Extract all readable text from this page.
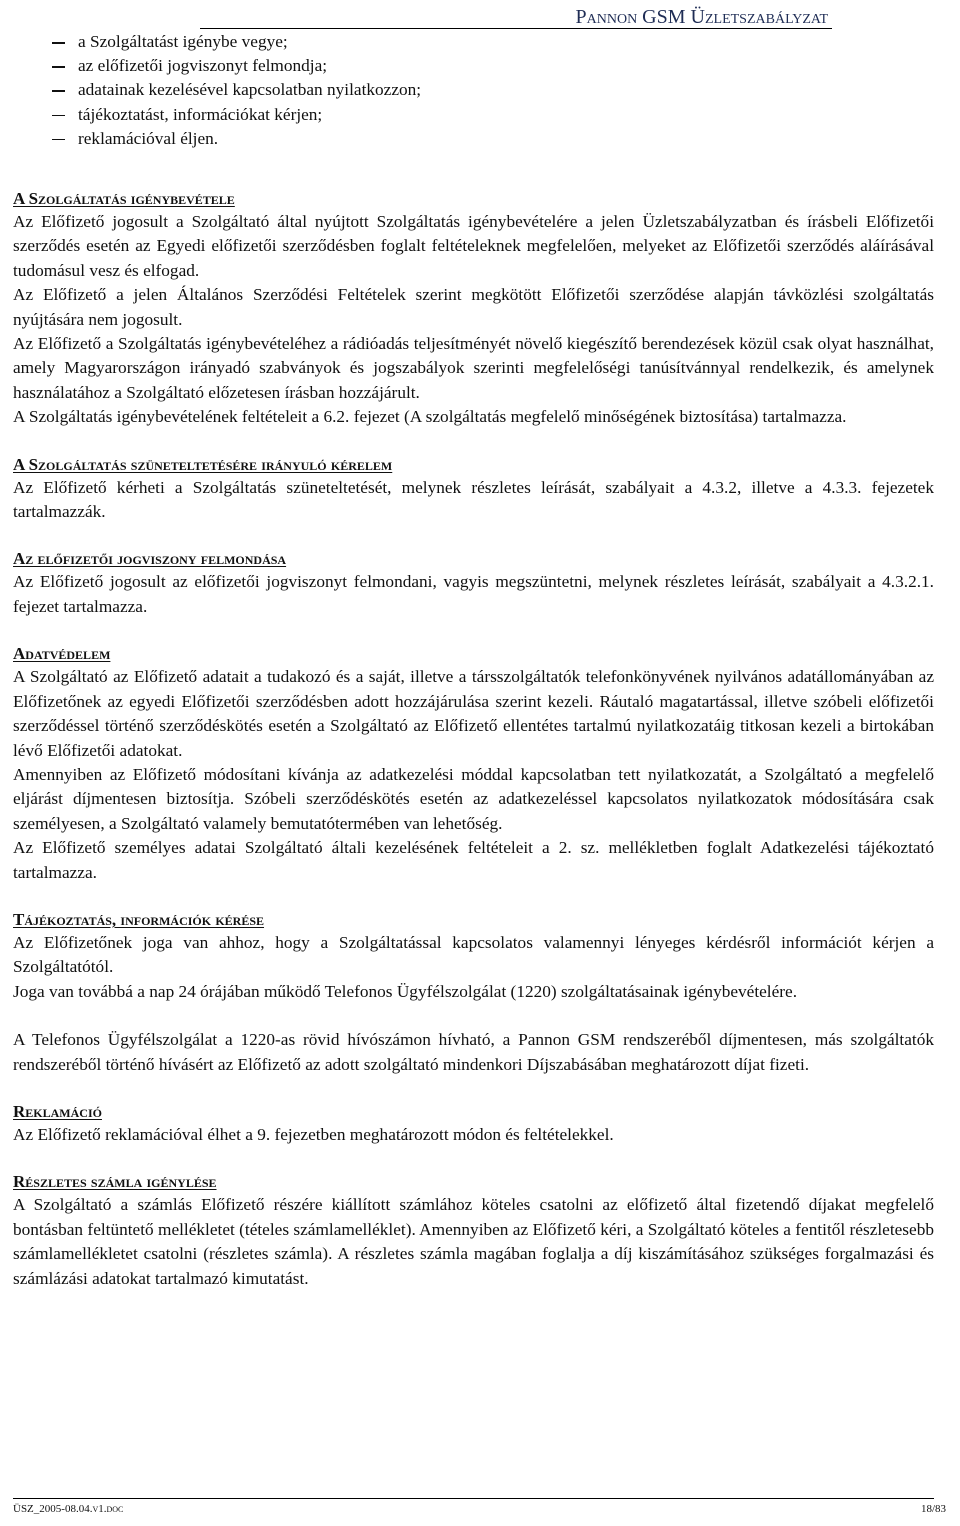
Pannon GSM Üzletszabályzat
a Szolgáltatást igénybe vegye;
az előfizetői jogviszonyt felmondja;
adatainak kezelésével kapcsolatban nyilatkozzon;
tájékoztatást, információkat kérjen;
reklamációval éljen.
A Szolgáltatás igénybevétele

Az Előfizető jogosult a Szolgáltató által nyújtott Szolgáltatás igénybevételére a jelen Üzletszabályzatban és írásbeli Előfizetői szerződés esetén az Egyedi előfizetői szerződésben foglalt feltételeknek megfelelően, melyeket az Előfizetői szerződés aláírásával tudomásul vesz és elfogad.

Az Előfizető a jelen Általános Szerződési Feltételek szerint megkötött Előfizetői szerződése alapján távközlési szolgáltatás nyújtására nem jogosult.

Az Előfizető a Szolgáltatás igénybevételéhez a rádióadás teljesítményét növelő kiegészítő berendezések közül csak olyat használhat, amely Magyarországon irányadó szabványok és jogszabályok szerinti megfelelőségi tanúsítvánnyal rendelkezik, és amelynek használatához a Szolgáltató előzetesen írásban hozzájárult.

A Szolgáltatás igénybevételének feltételeit a 6.2. fejezet (A szolgáltatás megfelelő minőségének biztosítása) tartalmazza.

A Szolgáltatás szüneteltetésére irányuló kérelem

Az Előfizető kérheti a Szolgáltatás szüneteltetését, melynek részletes leírását, szabályait a 4.3.2, illetve a 4.3.3. fejezetek tartalmazzák.

Az előfizetői jogviszony felmondása

Az Előfizető jogosult az előfizetői jogviszonyt felmondani, vagyis megszüntetni, melynek részletes leírását, szabályait a 4.3.2.1. fejezet tartalmazza.

Adatvédelem

A Szolgáltató az Előfizető adatait a tudakozó és a saját, illetve a társszolgáltatók telefonkönyvének nyilvános adatállományában az Előfizetőnek az egyedi Előfizetői szerződésben adott hozzájárulása szerint kezeli. Ráutaló magatartással, illetve szóbeli előfizetői szerződéssel történő szerződéskötés esetén a Szolgáltató az Előfizető ellentétes tartalmú nyilatkozatáig titkosan kezeli a birtokában lévő Előfizetői adatokat.

Amennyiben az Előfizető módosítani kívánja az adatkezelési móddal kapcsolatban tett nyilatkozatát, a Szolgáltató a megfelelő eljárást díjmentesen biztosítja. Szóbeli szerződéskötés esetén az adatkezeléssel kapcsolatos nyilatkozatok módosítására csak személyesen, a Szolgáltató valamely bemutatótermében van lehetőség.

Az Előfizető személyes adatai Szolgáltató általi kezelésének feltételeit a 2. sz. mellékletben foglalt Adatkezelési tájékoztató tartalmazza.

Tájékoztatás, információk kérése

Az Előfizetőnek joga van ahhoz, hogy a Szolgáltatással kapcsolatos valamennyi lényeges kérdésről információt kérjen a Szolgáltatótól.

Joga van továbbá a nap 24 órájában működő Telefonos Ügyfélszolgálat (1220) szolgáltatásainak igénybevételére.

A Telefonos Ügyfélszolgálat a 1220-as rövid hívószámon hívható, a Pannon GSM rendszeréből díjmentesen, más szolgáltatók rendszeréből történő hívásért az Előfizető az adott szolgáltató mindenkori Díjszabásában meghatározott díjat fizeti.

Reklamáció

Az Előfizető reklamációval élhet a 9. fejezetben meghatározott módon és feltételekkel.

Részletes számla igénylése

A Szolgáltató a számlás Előfizető részére kiállított számlához köteles csatolni az előfizető által fizetendő díjakat megfelelő bontásban feltüntető mellékletet (tételes számlamelléklet). Amennyiben az Előfizető kéri, a Szolgáltató köteles a fentitől részletesebb számlamellékletet csatolni (részletes számla). A részletes számla magában foglalja a díj kiszámításához szükséges forgalmazási és számlázási adatokat tartalmazó kimutatást.

ÜSZ_2005-08.04.v1.doc	18/83
